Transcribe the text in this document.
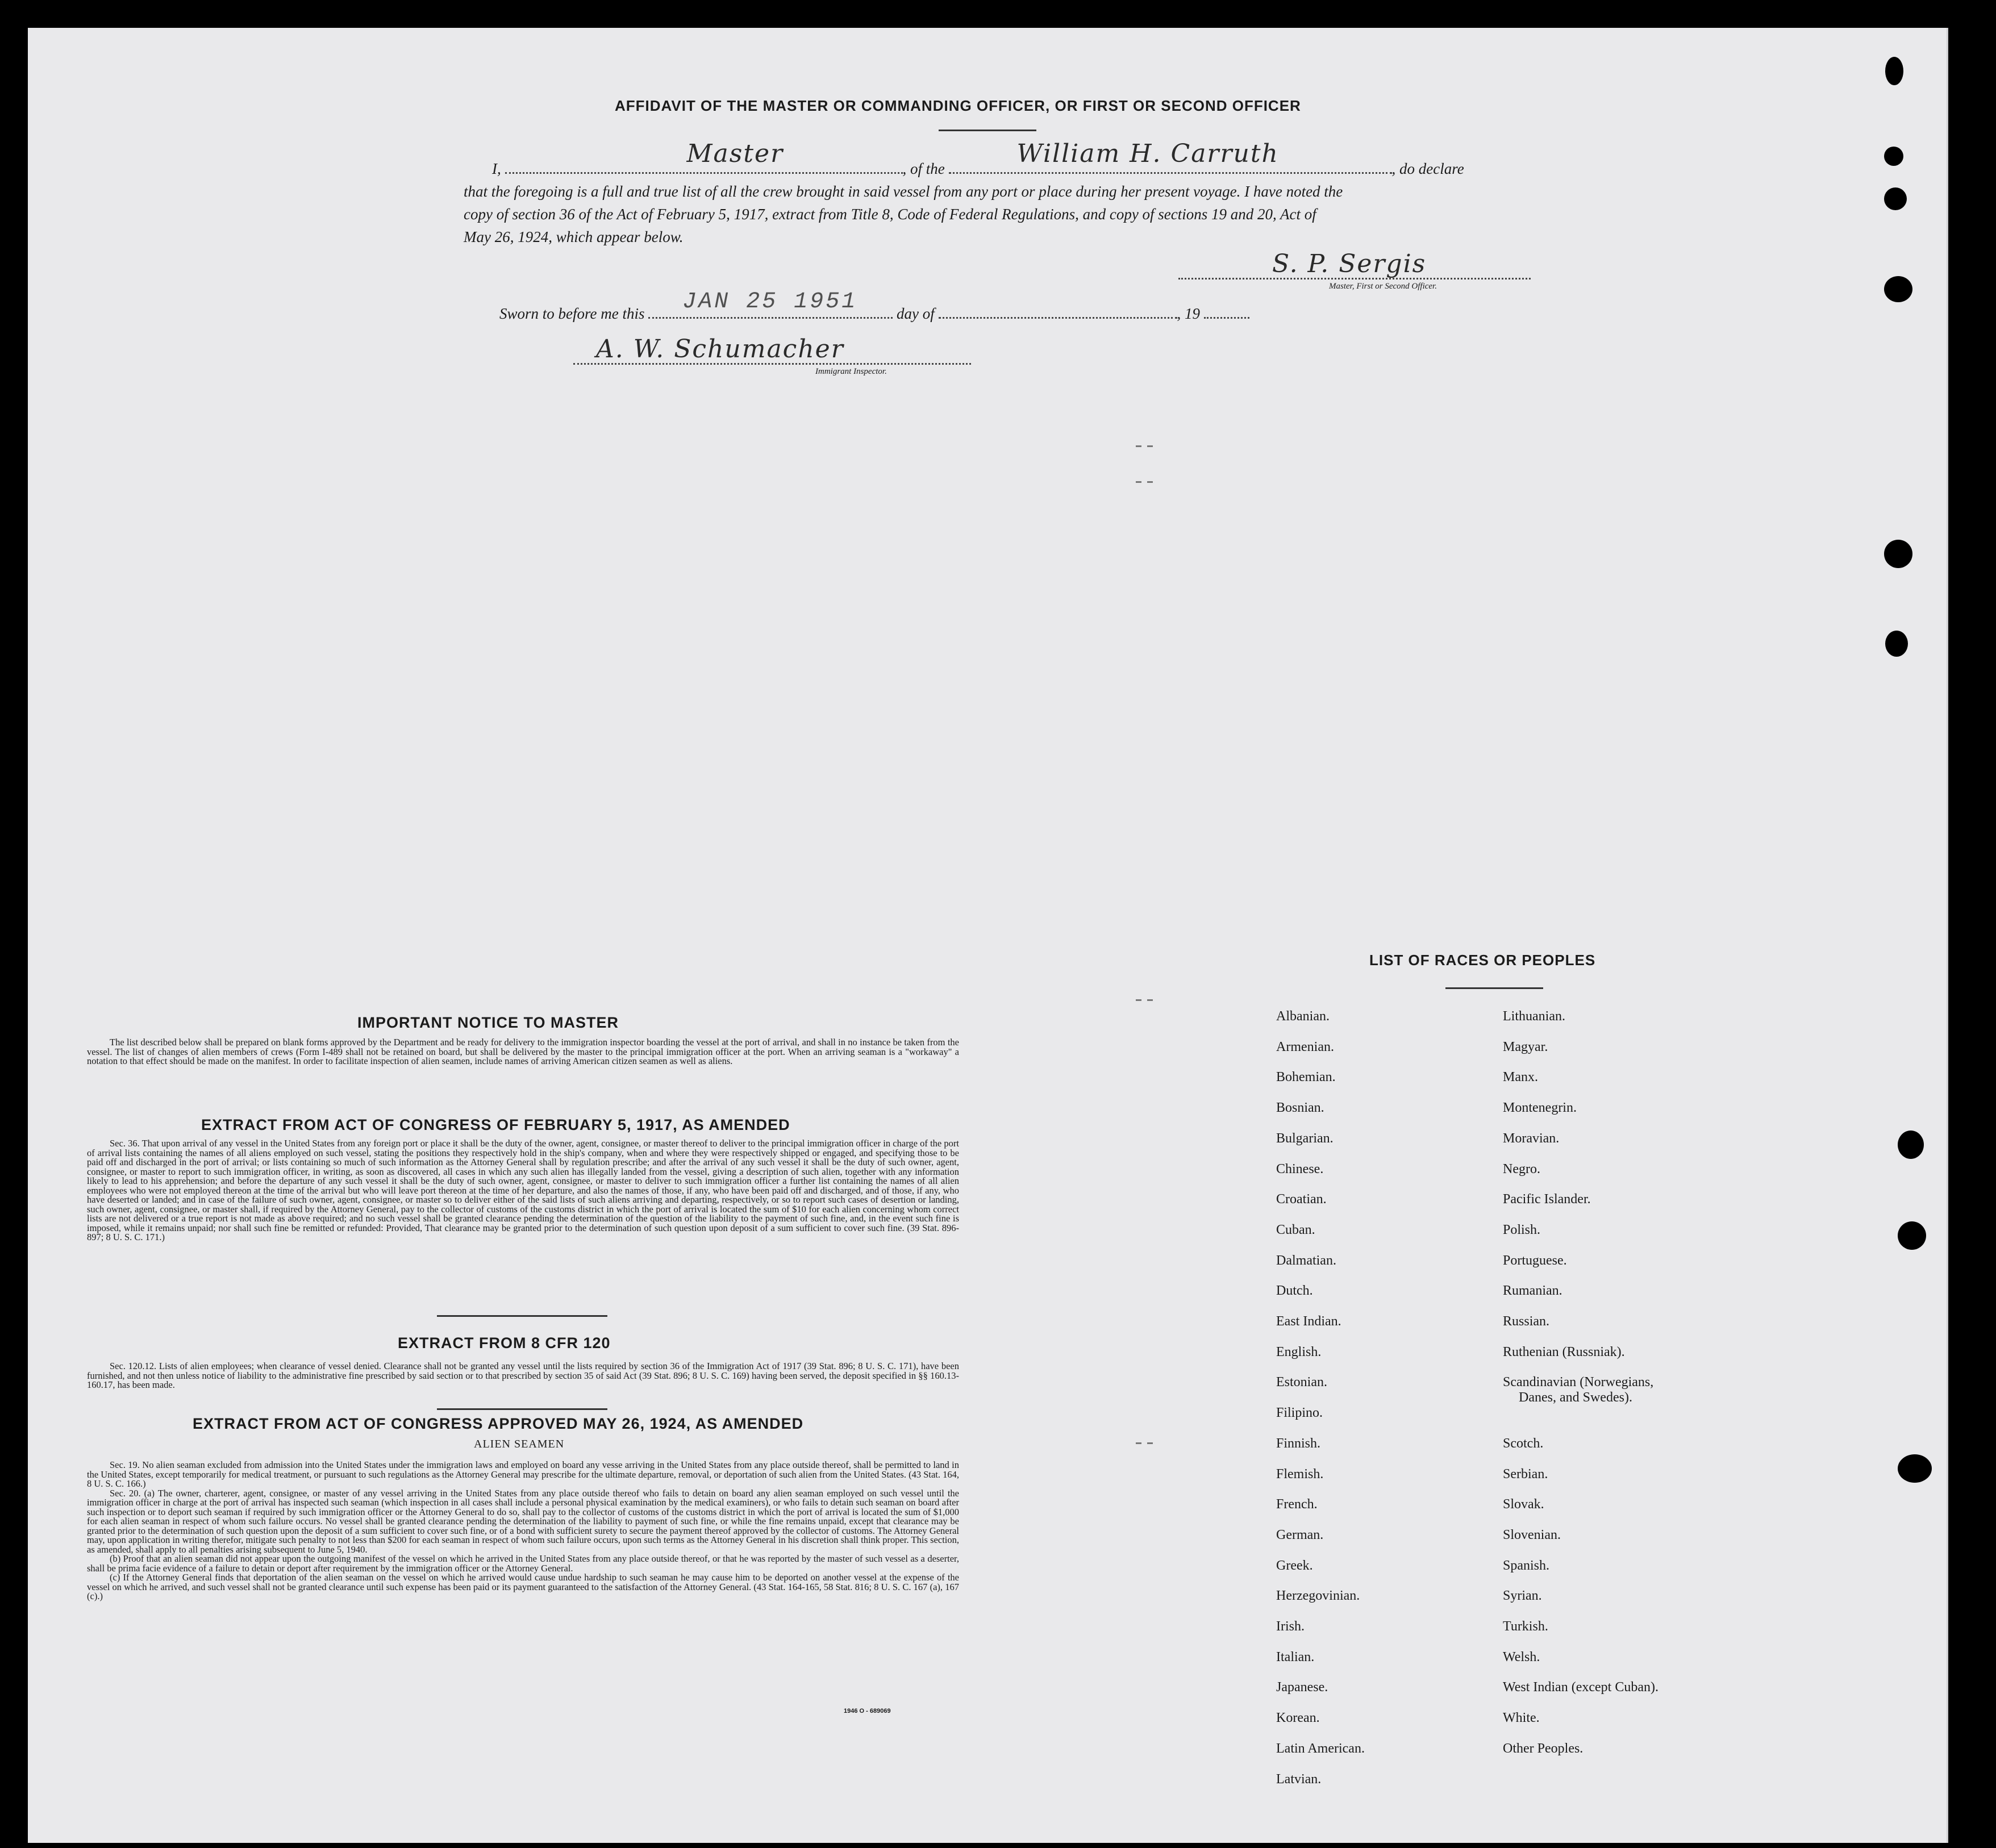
AFFIDAVIT OF THE MASTER OR COMMANDING OFFICER, OR FIRST OR SECOND OFFICER
I,
Master
, of the
William H. Carruth
, do declare
that the foregoing is a full and true list of all the crew brought in said vessel from any port or place during her present voyage. I have noted the
copy of section 36 of the Act of February 5, 1917, extract from Title 8, Code of Federal Regulations, and copy of sections 19 and 20, Act of
May 26, 1924, which appear below.
S. P. Sergis
Master, First or Second Officer.
Sworn to before me this JAN 25 1951	day of	, 19
A. W. Schumacher
Immigrant Inspector.
IMPORTANT NOTICE TO MASTER

The list described below shall be prepared on blank forms approved by the Department and be ready for delivery to the immigration inspector boarding the vessel at the port of arrival, and shall in no instance be taken from the vessel. The list of changes of alien members of crews (Form I-489 shall not be retained on board, but shall be delivered by the master to the principal immigration officer at the port. When an arriving seaman is a "workaway" a notation to that effect should be made on the manifest. In order to facilitate inspection of alien seamen, include names of arriving American citizen seamen as well as aliens.

EXTRACT FROM ACT OF CONGRESS OF FEBRUARY 5, 1917, AS AMENDED

Sec. 36. That upon arrival of any vessel in the United States from any foreign port or place it shall be the duty of the owner, agent, consignee, or master thereof to deliver to the principal immigration officer in charge of the port of arrival lists containing the names of all aliens employed on such vessel, stating the positions they respectively hold in the ship's company, when and where they were respectively shipped or engaged, and specifying those to be paid off and discharged in the port of arrival; or lists containing so much of such information as the Attorney General shall by regulation prescribe; and after the arrival of any such vessel it shall be the duty of such owner, agent, consignee, or master to report to such immigration officer, in writing, as soon as discovered, all cases in which any such alien has illegally landed from the vessel, giving a description of such alien, together with any information likely to lead to his apprehension; and before the departure of any such vessel it shall be the duty of such owner, agent, consignee, or master to deliver to such immigration officer a further list containing the names of all alien employees who were not employed thereon at the time of the arrival but who will leave port thereon at the time of her departure, and also the names of those, if any, who have been paid off and discharged, and of those, if any, who have deserted or landed; and in case of the failure of such owner, agent, consignee, or master so to deliver either of the said lists of such aliens arriving and departing, respectively, or so to report such cases of desertion or landing, such owner, agent, consignee, or master shall, if required by the Attorney General, pay to the collector of customs of the customs district in which the port of arrival is located the sum of $10 for each alien concerning whom correct lists are not delivered or a true report is not made as above required; and no such vessel shall be granted clearance pending the determination of the question of the liability to the payment of such fine, and, in the event such fine is imposed, while it remains unpaid; nor shall such fine be remitted or refunded: Provided, That clearance may be granted prior to the determination of such question upon deposit of a sum sufficient to cover such fine. (39 Stat. 896-897; 8 U. S. C. 171.)

EXTRACT FROM 8 CFR 120

Sec. 120.12. Lists of alien employees; when clearance of vessel denied. Clearance shall not be granted any vessel until the lists required by section 36 of the Immigration Act of 1917 (39 Stat. 896; 8 U. S. C. 171), have been furnished, and not then unless notice of liability to the administrative fine prescribed by said section or to that prescribed by section 35 of said Act (39 Stat. 896; 8 U. S. C. 169) having been served, the deposit specified in §§ 160.13-160.17, has been made.

EXTRACT FROM ACT OF CONGRESS APPROVED MAY 26, 1924, AS AMENDED
ALIEN SEAMEN

Sec. 19. No alien seaman excluded from admission into the United States under the immigration laws and employed on board any vesse arriving in the United States from any place outside thereof, shall be permitted to land in the United States, except temporarily for medical treatment, or pursuant to such regulations as the Attorney General may prescribe for the ultimate departure, removal, or deportation of such alien from the United States. (43 Stat. 164, 8 U. S. C. 166.)

Sec. 20. (a) The owner, charterer, agent, consignee, or master of any vessel arriving in the United States from any place outside thereof who fails to detain on board any alien seaman employed on such vessel until the immigration officer in charge at the port of arrival has inspected such seaman (which inspection in all cases shall include a personal physical examination by the medical examiners), or who fails to detain such seaman on board after such inspection or to deport such seaman if required by such immigration officer or the Attorney General to do so, shall pay to the collector of customs of the customs district in which the port of arrival is located the sum of $1,000 for each alien seaman in respect of whom such failure occurs. No vessel shall be granted clearance pending the determination of the liability to payment of such fine, or while the fine remains unpaid, except that clearance may be granted prior to the determination of such question upon the deposit of a sum sufficient to cover such fine, or of a bond with sufficient surety to secure the payment thereof approved by the collector of customs. The Attorney General may, upon application in writing therefor, mitigate such penalty to not less than $200 for each seaman in respect of whom such failure occurs, upon such terms as the Attorney General in his discretion shall think proper. This section, as amended, shall apply to all penalties arising subsequent to June 5, 1940.

(b) Proof that an alien seaman did not appear upon the outgoing manifest of the vessel on which he arrived in the United States from any place outside thereof, or that he was reported by the master of such vessel as a deserter, shall be prima facie evidence of a failure to detain or deport after requirement by the immigration officer or the Attorney General.

(c) If the Attorney General finds that deportation of the alien seaman on the vessel on which he arrived would cause undue hardship to such seaman he may cause him to be deported on another vessel at the expense of the vessel on which he arrived, and such vessel shall not be granted clearance until such expense has been paid or its payment guaranteed to the satisfaction of the Attorney General. (43 Stat. 164-165, 58 Stat. 816; 8 U. S. C. 167 (a), 167 (c).)

1946 O - 689069
LIST OF RACES OR PEOPLES
Albanian.
Armenian.
Bohemian.
Bosnian.
Bulgarian.
Chinese.
Croatian.
Cuban.
Dalmatian.
Dutch.
East Indian.
English.
Estonian.
Filipino.
Finnish.
Flemish.
French.
German.
Greek.
Herzegovinian.
Irish.
Italian.
Japanese.
Korean.
Latin American.
Latvian.
Lithuanian.
Magyar.
Manx.
Montenegrin.
Moravian.
Negro.
Pacific Islander.
Polish.
Portuguese.
Rumanian.
Russian.
Ruthenian (Russniak).
Scandinavian (Norwegians,
Danes, and Swedes).
Scotch.
Serbian.
Slovak.
Slovenian.
Spanish.
Syrian.
Turkish.
Welsh.
West Indian (except Cuban).
White.
Other Peoples.
